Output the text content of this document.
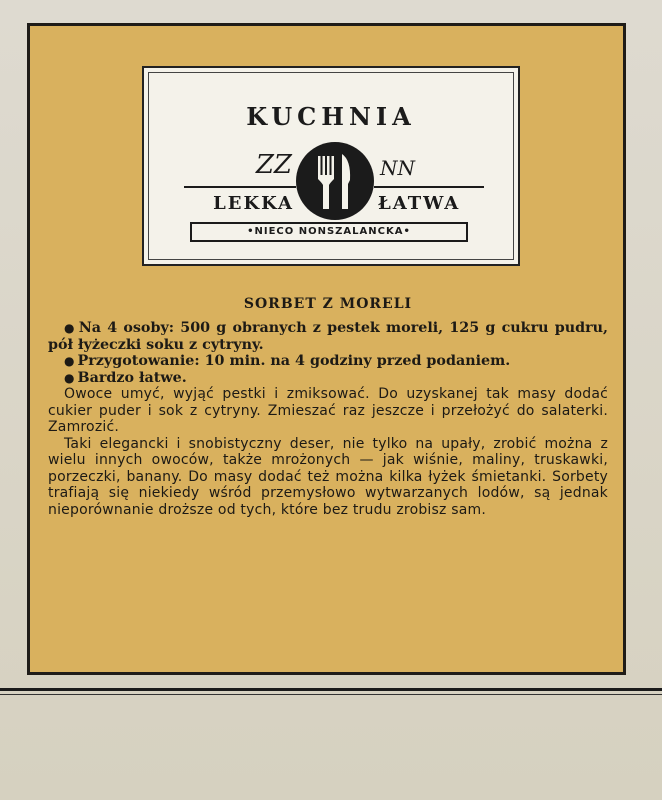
KUCHNIA
ZZ	NN
LEKKA	ŁATWA
•NIECO NONSZALANCKA•
SORBET Z MORELI

● Na 4 osoby: 500 g obranych z pestek moreli, 125 g cukru pudru, pół łyżeczki soku z cytryny.

● Przygotowanie: 10 min. na 4 godziny przed podaniem.

● Bardzo łatwe.

Owoce umyć, wyjąć pestki i zmiksować. Do uzyskanej tak masy dodać cukier puder i sok z cytryny. Zmieszać raz jeszcze i przełożyć do salaterki. Zamrozić.

Taki elegancki i snobistyczny deser, nie tylko na upały, zrobić można z wielu innych owoców, także mrożonych — jak wiśnie, maliny, truskawki, porzeczki, banany. Do masy dodać też można kilka łyżek śmietanki. Sorbety trafiają się niekiedy wśród przemysłowo wytwarzanych lodów, są jednak nieporównanie droższe od tych, które bez trudu zrobisz sam.
